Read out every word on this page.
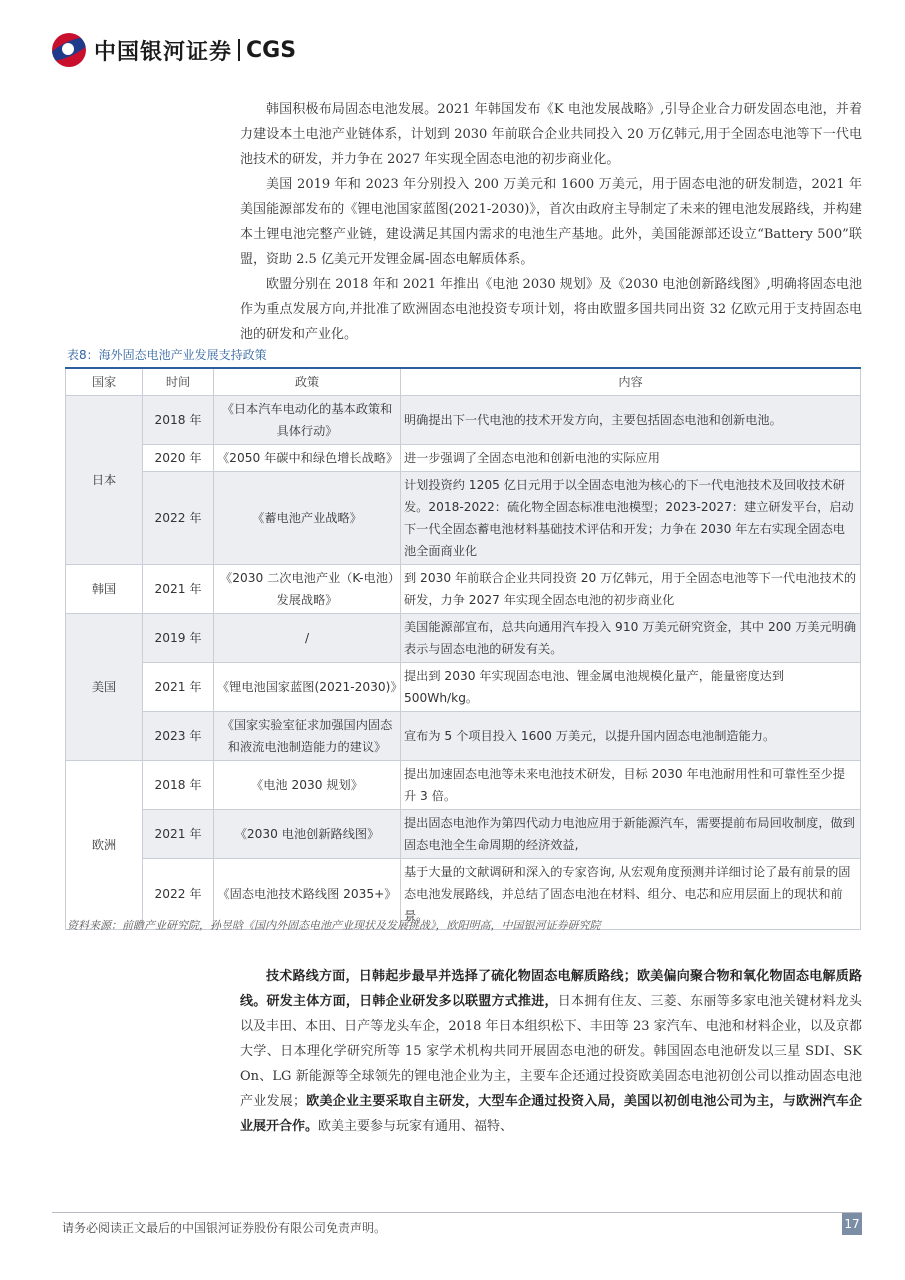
中国银河证券 CGS

韩国积极布局固态电池发展。2021 年韩国发布《K 电池发展战略》,引导企业合力研发固态电池，并着力建设本土电池产业链体系，计划到 2030 年前联合企业共同投入 20 万亿韩元,用于全固态电池等下一代电池技术的研发，并力争在 2027 年实现全固态电池的初步商业化。

美国 2019 年和 2023 年分别投入 200 万美元和 1600 万美元，用于固态电池的研发制造，2021 年美国能源部发布的《锂电池国家蓝图(2021-2030)》，首次由政府主导制定了未来的锂电池发展路线，并构建本土锂电池完整产业链，建设满足其国内需求的电池生产基地。此外，美国能源部还设立“Battery 500”联盟，资助 2.5 亿美元开发锂金属-固态电解质体系。

欧盟分别在 2018 年和 2021 年推出《电池 2030 规划》及《2030 电池创新路线图》,明确将固态电池作为重点发展方向,并批准了欧洲固态电池投资专项计划，将由欧盟多国共同出资 32 亿欧元用于支持固态电池的研发和产业化。

表8：海外固态电池产业发展支持政策
国家	时间	政策	内容
日本	2018 年	《日本汽车电动化的基本政策和具体行动》	明确提出下一代电池的技术开发方向，主要包括固态电池和创新电池。
	2020 年	《2050 年碳中和绿色增长战略》	进一步强调了全固态电池和创新电池的实际应用
	2022 年	《蓄电池产业战略》	计划投资约 1205 亿日元用于以全固态电池为核心的下一代电池技术及回收技术研发。2018-2022：硫化物全固态标准电池模型；2023-2027：建立研发平台，启动下一代全固态蓄电池材料基础技术评估和开发；力争在 2030 年左右实现全固态电池全面商业化
韩国	2021 年	《2030 二次电池产业（K-电池）发展战略》	到 2030 年前联合企业共同投资 20 万亿韩元，用于全固态电池等下一代电池技术的研发，力争 2027 年实现全固态电池的初步商业化
美国	2019 年	/	美国能源部宣布，总共向通用汽车投入 910 万美元研究资金，其中 200 万美元明确表示与固态电池的研发有关。
	2021 年	《锂电池国家蓝图(2021-2030)》	提出到 2030 年实现固态电池、锂金属电池规模化量产，能量密度达到 500Wh/kg。
	2023 年	《国家实验室征求加强国内固态和液流电池制造能力的建议》	宣布为 5 个项目投入 1600 万美元，以提升国内固态电池制造能力。
欧洲	2018 年	《电池 2030 规划》	提出加速固态电池等未来电池技术研发，目标 2030 年电池耐用性和可靠性至少提升 3 倍。
	2021 年	《2030 电池创新路线图》	提出固态电池作为第四代动力电池应用于新能源汽车，需要提前布局回收制度，做到固态电池全生命周期的经济效益,
	2022 年	《固态电池技术路线图 2035+》	基于大量的文献调研和深入的专家咨询, 从宏观角度预测并详细讨论了最有前景的固态电池发展路线，并总结了固态电池在材料、组分、电芯和应用层面上的现状和前景。
资料来源：前瞻产业研究院，孙昱晗《国内外固态电池产业现状及发展挑战》，欧阳明高，中国银河证券研究院

技术路线方面，日韩起步最早并选择了硫化物固态电解质路线；欧美偏向聚合物和氧化物固态电解质路线。研发主体方面，日韩企业研发多以联盟方式推进，日本拥有住友、三菱、东丽等多家电池关键材料龙头以及丰田、本田、日产等龙头车企，2018 年日本组织松下、丰田等 23 家汽车、电池和材料企业，以及京都大学、日本理化学研究所等 15 家学术机构共同开展固态电池的研发。韩国固态电池研发以三星 SDI、SK On、LG 新能源等全球领先的锂电池企业为主，主要车企还通过投资欧美固态电池初创公司以推动固态电池产业发展；欧美企业主要采取自主研发，大型车企通过投资入局，美国以初创电池公司为主，与欧洲汽车企业展开合作。欧美主要参与玩家有通用、福特、

请务必阅读正文最后的中国银河证券股份有限公司免责声明。	17
